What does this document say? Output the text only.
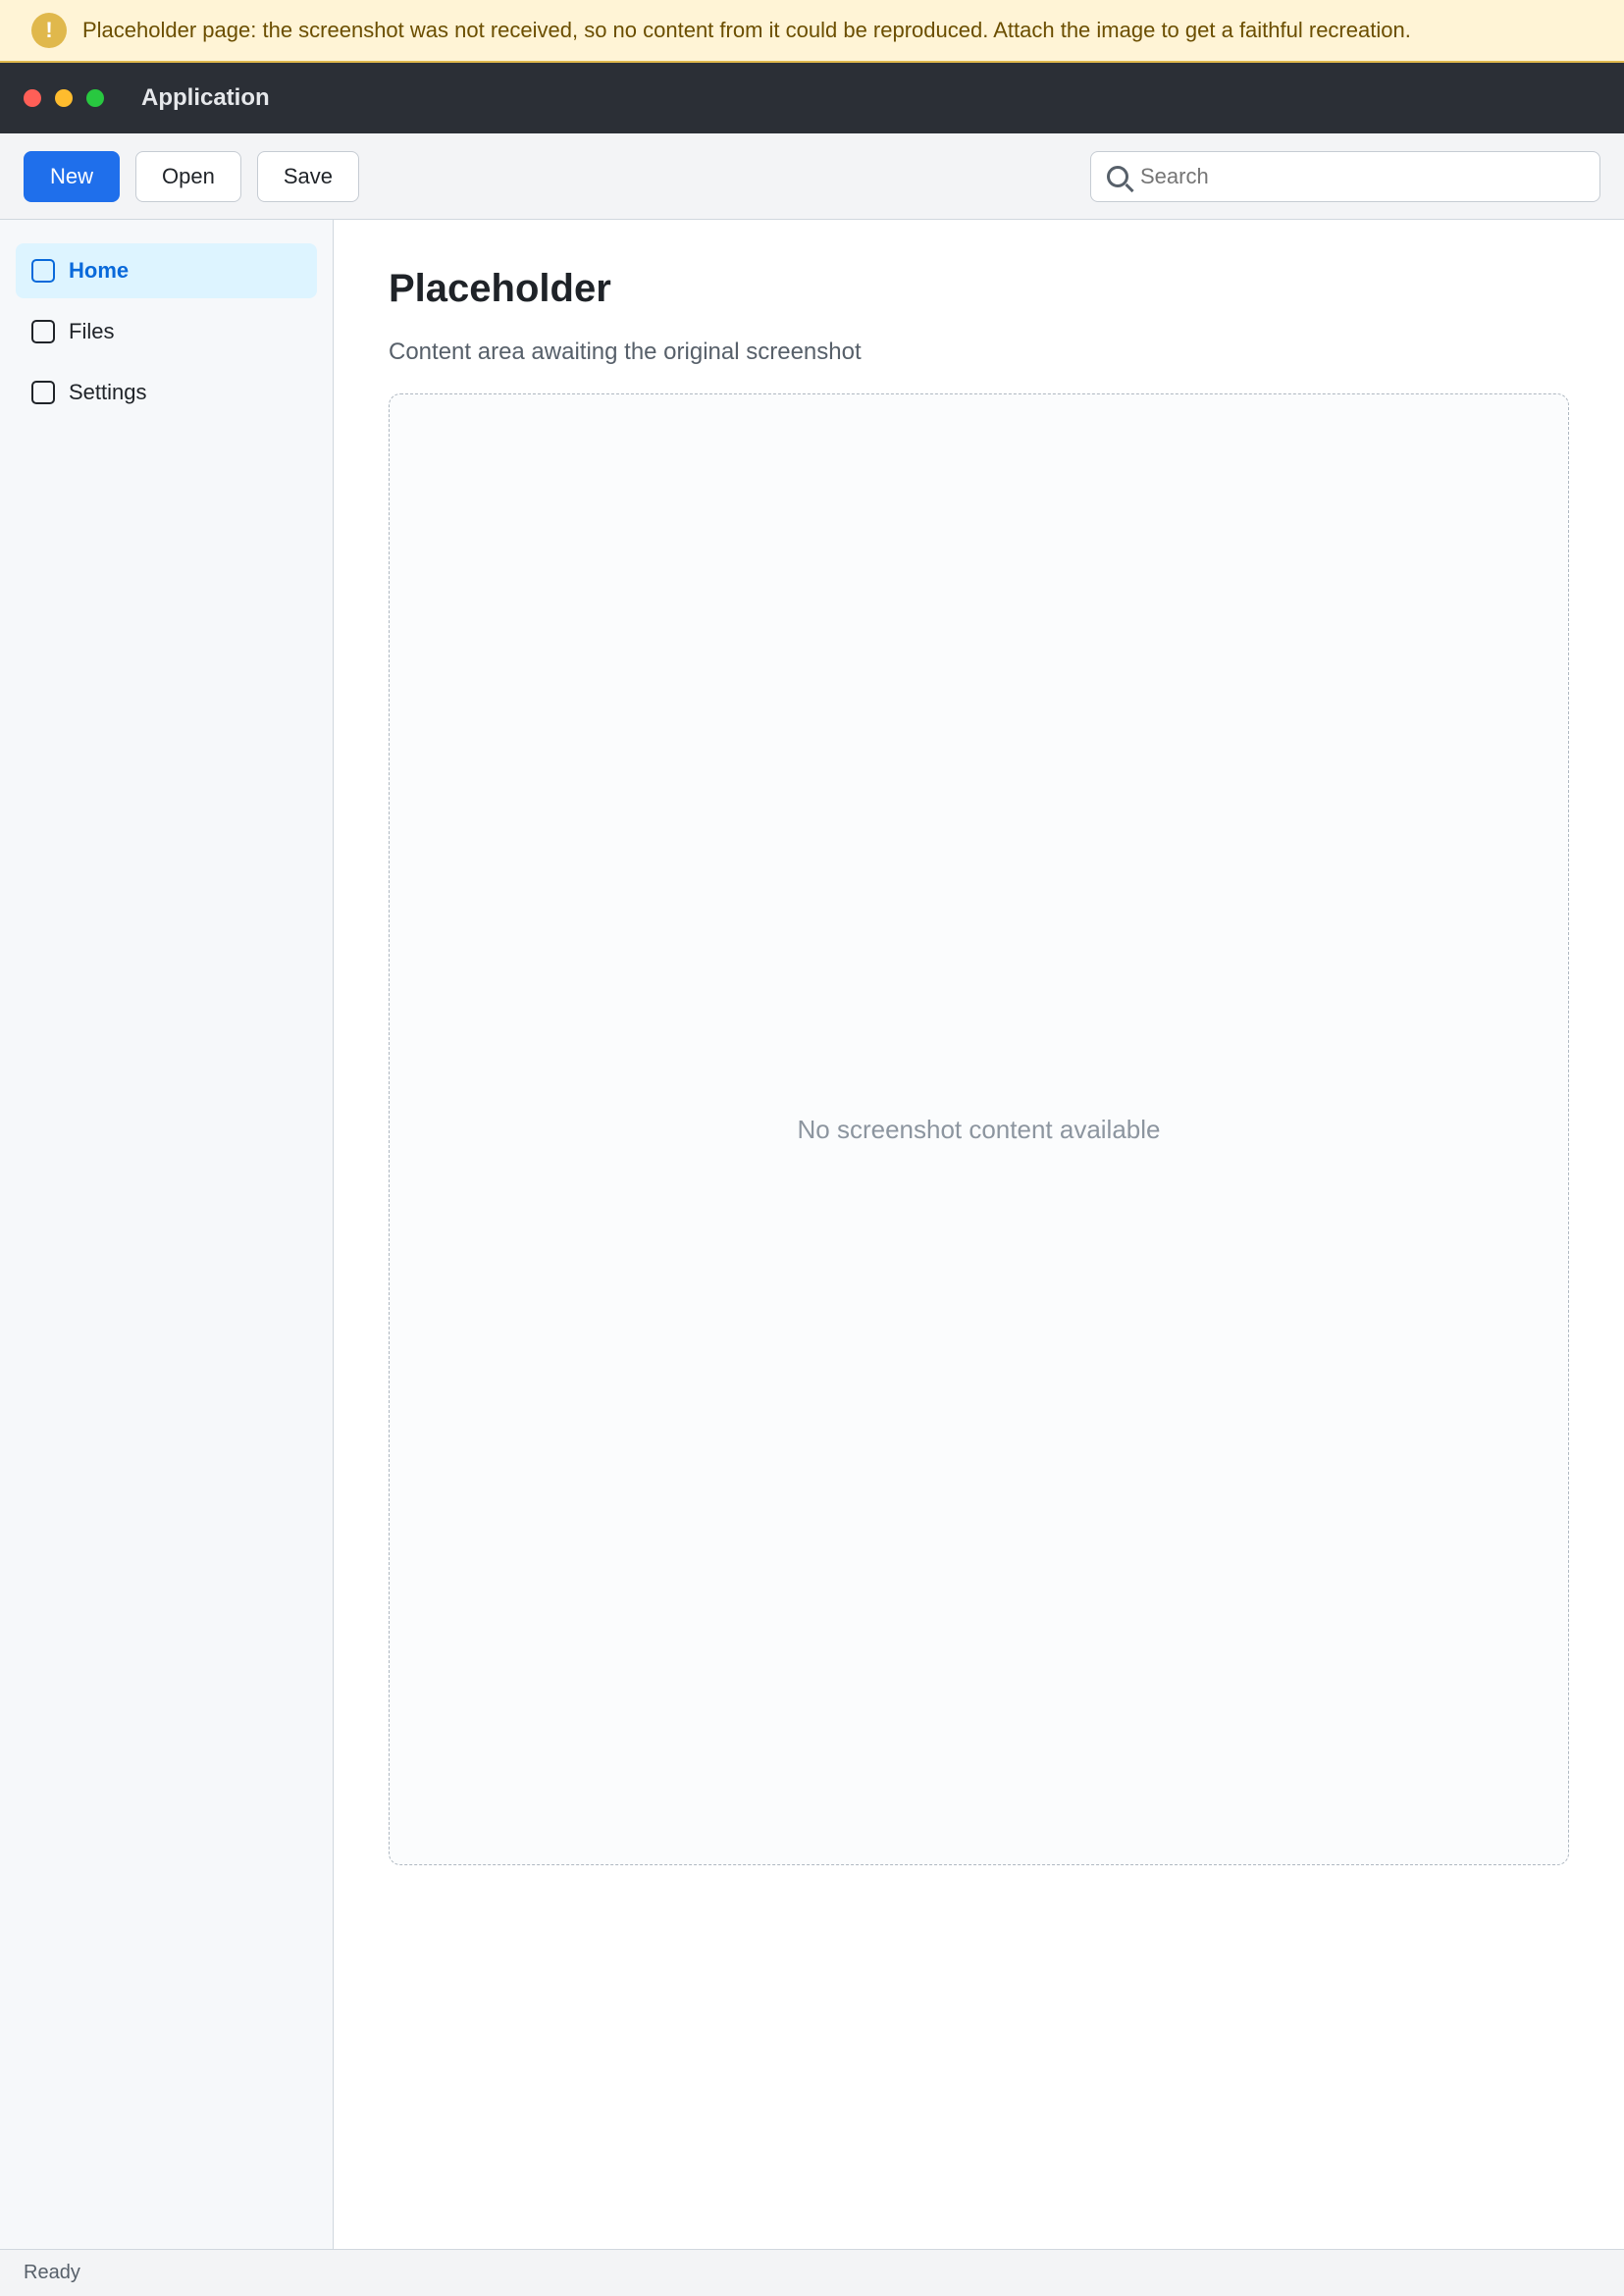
!	Placeholder page: the screenshot was not received, so no content from it could be reproduced. Attach the image to get a faithful recreation.
Application
New	Open	Save
Search
Home
Files
Settings
Placeholder

Content area awaiting the original screenshot

No screenshot content available
Ready
